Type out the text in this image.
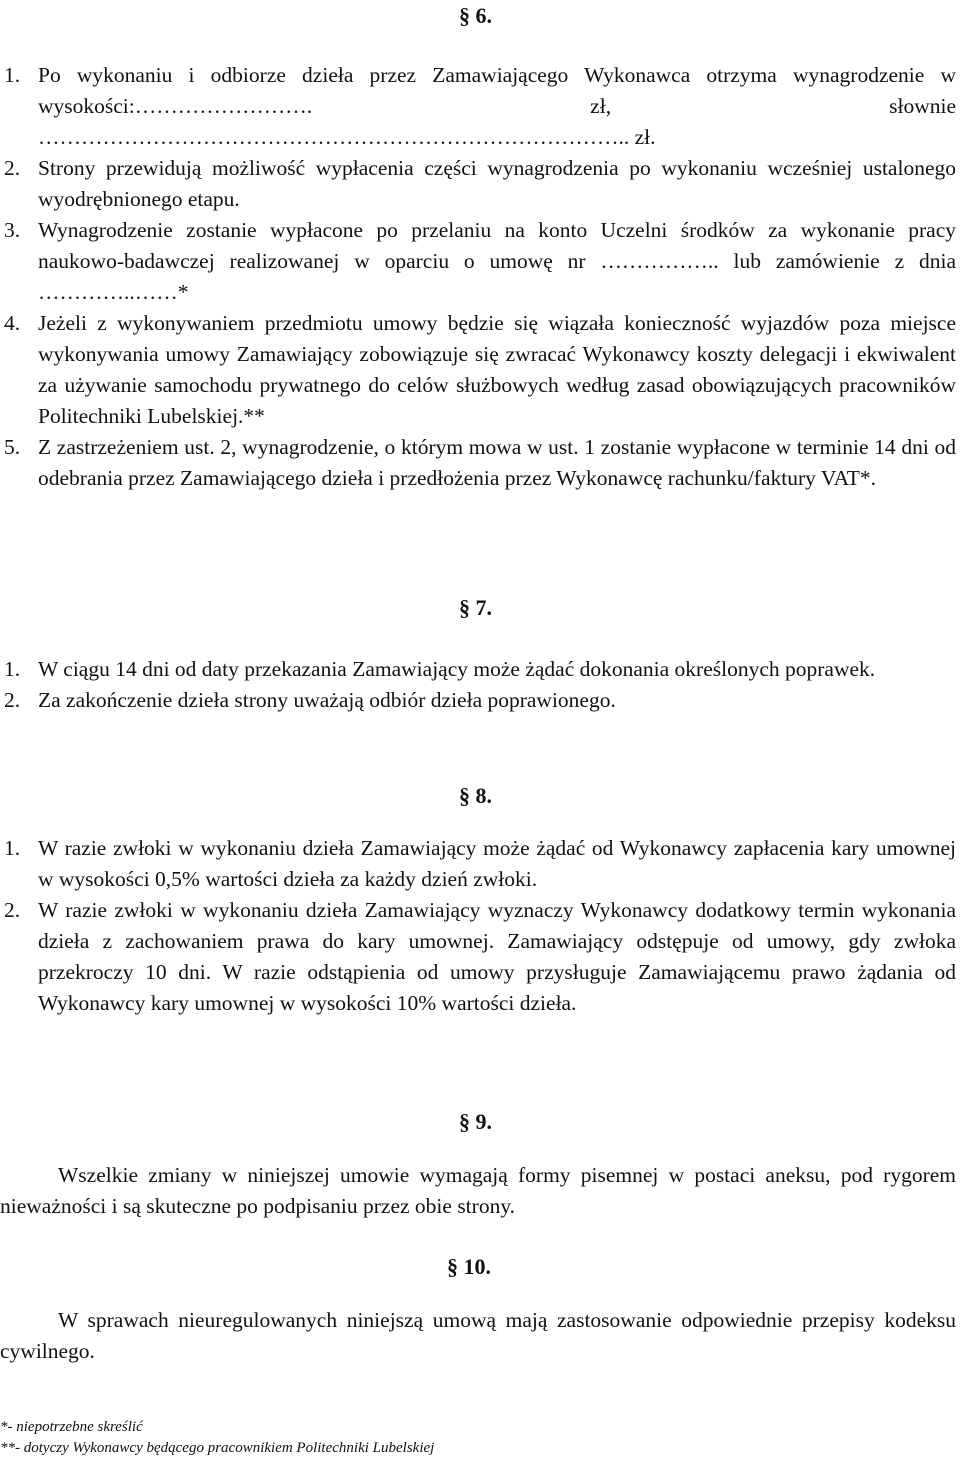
§ 6.
1. Po wykonaniu i odbiorze dzieła przez Zamawiającego Wykonawca otrzyma wynagrodzenie w wysokości:……………………. zł, słownie ……………………………………………………………………….. zł.
2. Strony przewidują możliwość wypłacenia części wynagrodzenia po wykonaniu wcześniej ustalonego wyodrębnionego etapu.
3. Wynagrodzenie zostanie wypłacone po przelaniu na konto Uczelni środków za wykonanie pracy naukowo-badawczej realizowanej w oparciu o umowę nr …………….. lub zamówienie z dnia …………..……*
4. Jeżeli z wykonywaniem przedmiotu umowy będzie się wiązała konieczność wyjazdów poza miejsce wykonywania umowy Zamawiający zobowiązuje się zwracać Wykonawcy koszty delegacji i ekwiwalent za używanie samochodu prywatnego do celów służbowych według zasad obowiązujących pracowników Politechniki Lubelskiej.**
5. Z zastrzeżeniem ust. 2, wynagrodzenie, o którym mowa w ust. 1 zostanie wypłacone w terminie 14 dni od odebrania przez Zamawiającego dzieła i przedłożenia przez Wykonawcę rachunku/faktury VAT*.
§ 7.
1. W ciągu 14 dni od daty przekazania Zamawiający może żądać dokonania określonych poprawek.
2. Za zakończenie dzieła strony uważają odbiór dzieła poprawionego.
§ 8.
1. W razie zwłoki w wykonaniu dzieła Zamawiający może żądać od Wykonawcy zapłacenia kary umownej w wysokości 0,5% wartości dzieła za każdy dzień zwłoki.
2. W razie zwłoki w wykonaniu dzieła Zamawiający wyznaczy Wykonawcy dodatkowy termin wykonania dzieła z zachowaniem prawa do kary umownej. Zamawiający odstępuje od umowy, gdy zwłoka przekroczy 10 dni. W razie odstąpienia od umowy przysługuje Zamawiającemu prawo żądania od Wykonawcy kary umownej w wysokości 10% wartości dzieła.
§ 9.

Wszelkie zmiany w niniejszej umowie wymagają formy pisemnej w postaci aneksu, pod rygorem nieważności i są skuteczne po podpisaniu przez obie strony.

§ 10.

W sprawach nieuregulowanych niniejszą umową mają zastosowanie odpowiednie przepisy kodeksu cywilnego.

*- niepotrzebne skreślić
**- dotyczy Wykonawcy będącego pracownikiem Politechniki Lubelskiej
